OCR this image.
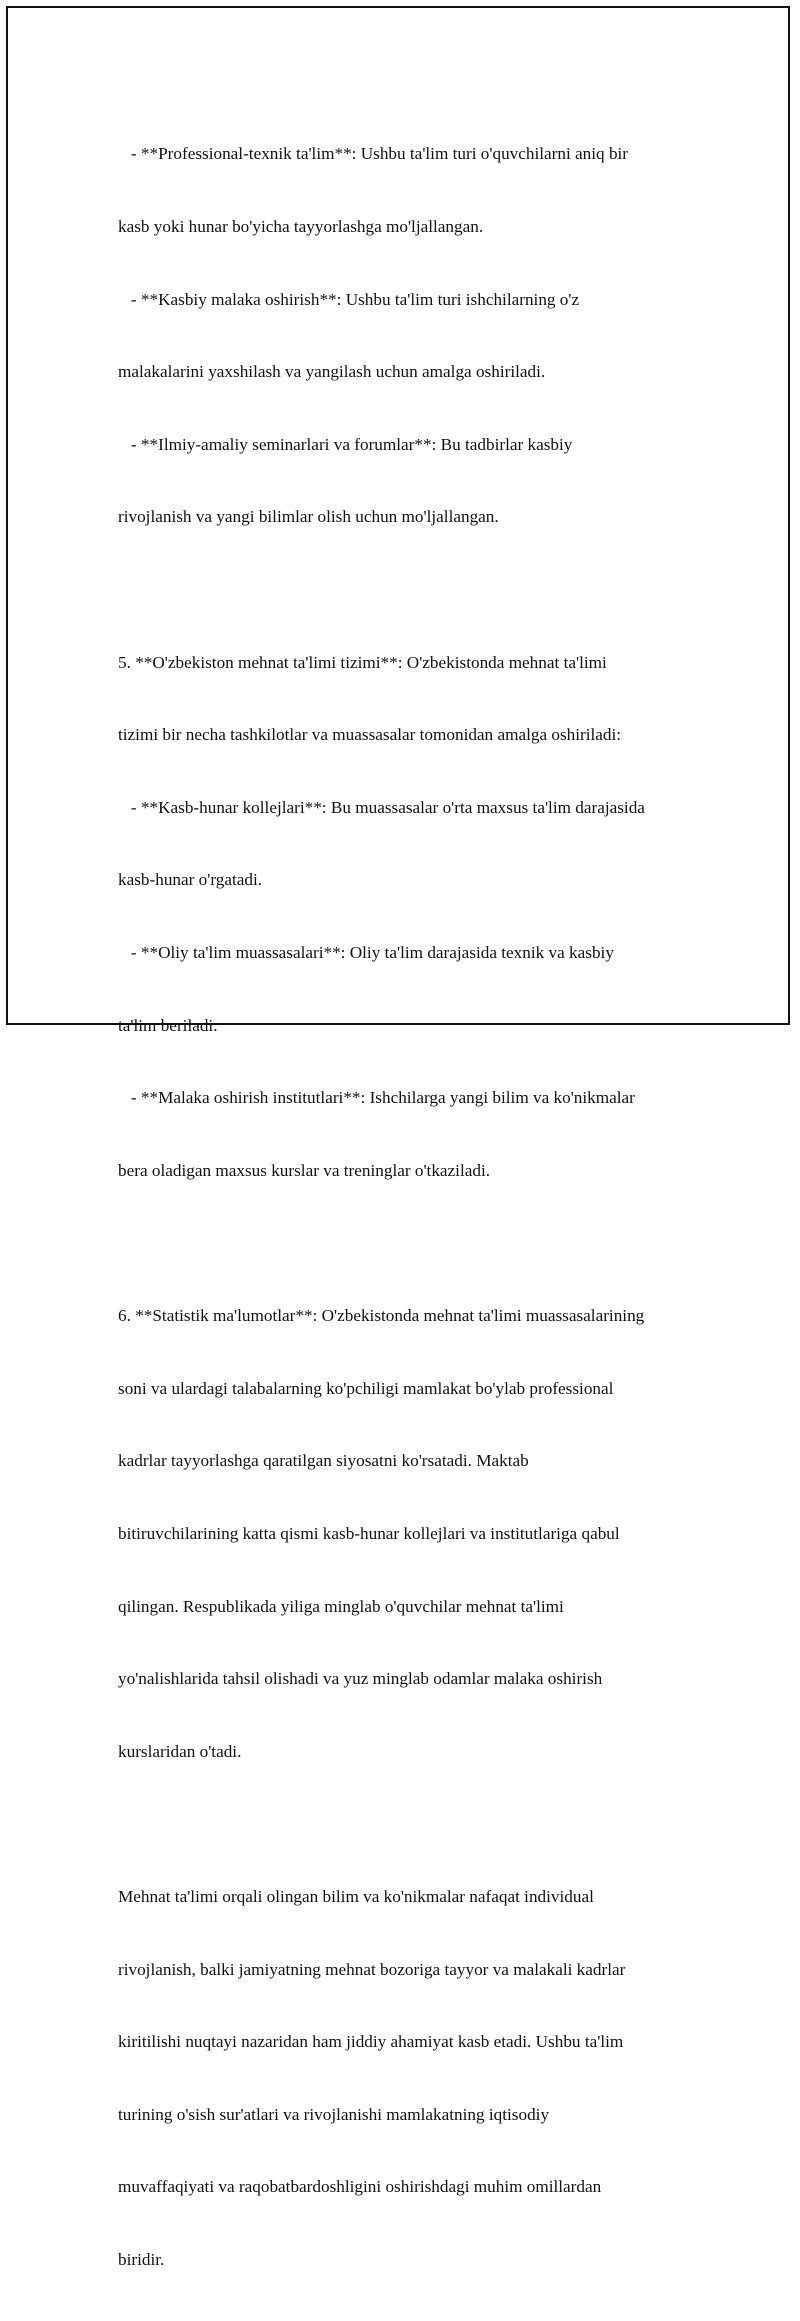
- **Professional-texnik ta'lim**: Ushbu ta'lim turi o'quvchilarni aniq bir

kasb yoki hunar bo'yicha tayyorlashga mo'ljallangan.

- **Kasbiy malaka oshirish**: Ushbu ta'lim turi ishchilarning o'z

malakalarini yaxshilash va yangilash uchun amalga oshiriladi.

- **Ilmiy-amaliy seminarlari va forumlar**: Bu tadbirlar kasbiy

rivojlanish va yangi bilimlar olish uchun mo'ljallangan.

5. **O'zbekiston mehnat ta'limi tizimi**: O'zbekistonda mehnat ta'limi

tizimi bir necha tashkilotlar va muassasalar tomonidan amalga oshiriladi:

- **Kasb-hunar kollejlari**: Bu muassasalar o'rta maxsus ta'lim darajasida

kasb-hunar o'rgatadi.

- **Oliy ta'lim muassasalari**: Oliy ta'lim darajasida texnik va kasbiy

ta'lim beriladi.

- **Malaka oshirish institutlari**: Ishchilarga yangi bilim va ko'nikmalar

bera oladigan maxsus kurslar va treninglar o'tkaziladi.

6. **Statistik ma'lumotlar**: O'zbekistonda mehnat ta'limi muassasalarining

soni va ulardagi talabalarning ko'pchiligi mamlakat bo'ylab professional

kadrlar tayyorlashga qaratilgan siyosatni ko'rsatadi. Maktab

bitiruvchilarining katta qismi kasb-hunar kollejlari va institutlariga qabul

qilingan. Respublikada yiliga minglab o'quvchilar mehnat ta'limi

yo'nalishlarida tahsil olishadi va yuz minglab odamlar malaka oshirish

kurslaridan o'tadi.

Mehnat ta'limi orqali olingan bilim va ko'nikmalar nafaqat individual

rivojlanish, balki jamiyatning mehnat bozoriga tayyor va malakali kadrlar

kiritilishi nuqtayi nazaridan ham jiddiy ahamiyat kasb etadi. Ushbu ta'lim

turining o'sish sur'atlari va rivojlanishi mamlakatning iqtisodiy

muvaffaqiyati va raqobatbardoshligini oshirishdagi muhim omillardan

biridir.
